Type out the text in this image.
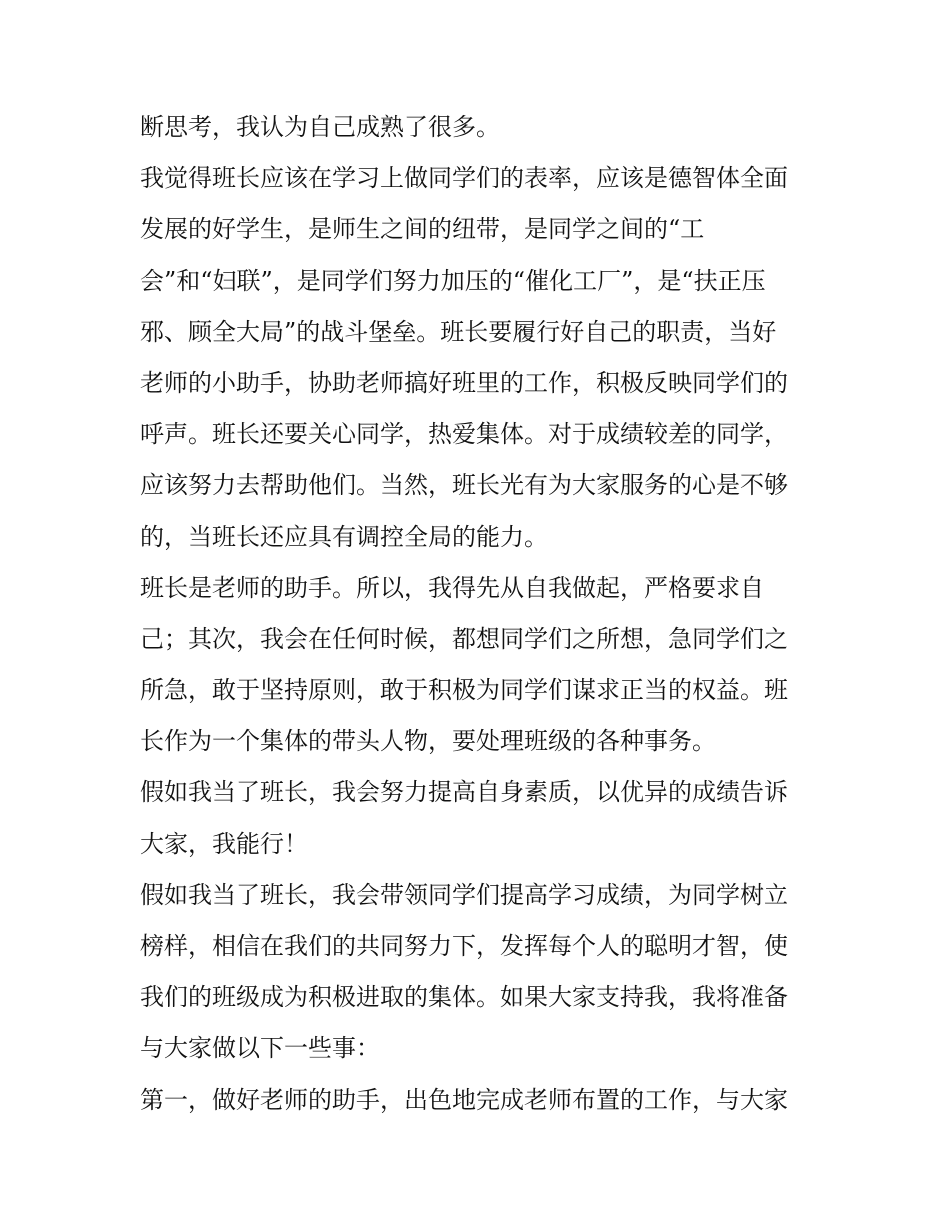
断思考，我认为自己成熟了很多。
我觉得班长应该在学习上做同学们的表率，应该是德智体全面
发展的好学生，是师生之间的纽带，是同学之间的“工
会”和“妇联”，是同学们努力加压的“催化工厂”，是“扶正压
邪、顾全大局”的战斗堡垒。班长要履行好自己的职责，当好
老师的小助手，协助老师搞好班里的工作，积极反映同学们的
呼声。班长还要关心同学，热爱集体。对于成绩较差的同学，
应该努力去帮助他们。当然，班长光有为大家服务的心是不够
的，当班长还应具有调控全局的能力。
班长是老师的助手。所以，我得先从自我做起，严格要求自
己；其次，我会在任何时候，都想同学们之所想，急同学们之
所急，敢于坚持原则，敢于积极为同学们谋求正当的权益。班
长作为一个集体的带头人物，要处理班级的各种事务。
假如我当了班长，我会努力提高自身素质，以优异的成绩告诉
大家，我能行！
假如我当了班长，我会带领同学们提高学习成绩，为同学树立
榜样，相信在我们的共同努力下，发挥每个人的聪明才智，使
我们的班级成为积极进取的集体。如果大家支持我，我将准备
与大家做以下一些事：
第一，做好老师的助手，出色地完成老师布置的工作，与大家
